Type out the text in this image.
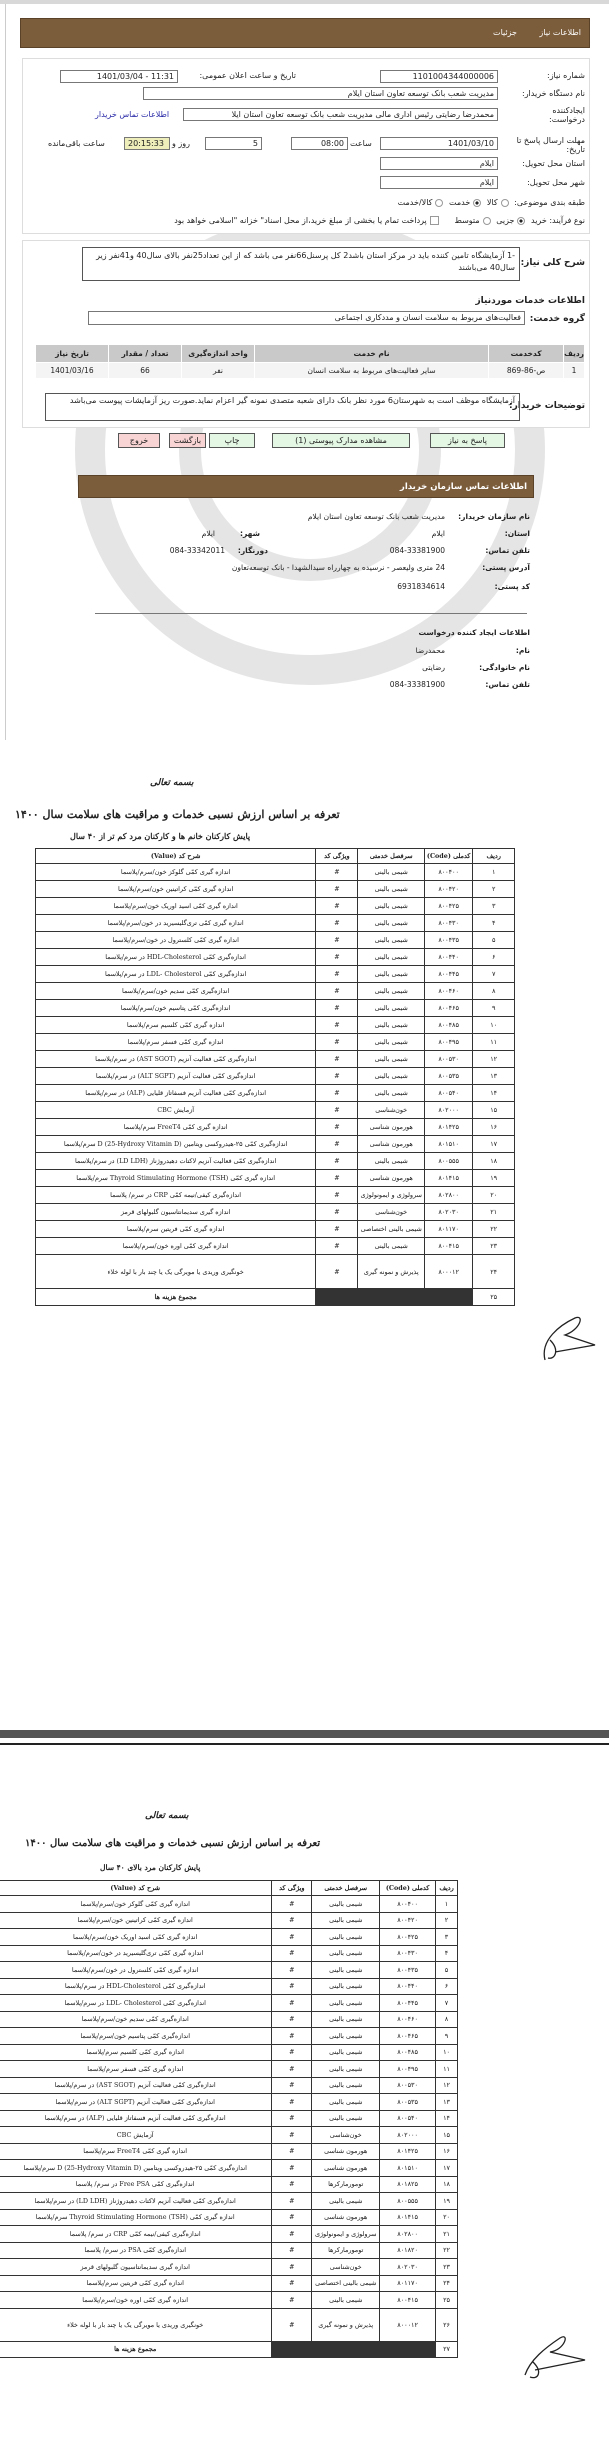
اطلاعات نیاز
جزئیات
شماره نیاز:
1101004344000006
تاریخ و ساعت اعلان عمومی:
1401/03/04 - 11:31
نام دستگاه خریدار:
مدیریت شعب بانک توسعه تعاون استان ایلام
ایجادکننده درخواست:
محمدرضا رضایتی رئیس اداری مالی مدیریت شعب بانک توسعه تعاون استان ایلا
اطلاعات تماس خریدار
مهلت ارسال پاسخ تا تاریخ:
1401/03/10
ساعت
08:00
5
روز و
20:15:33
ساعت باقی‌مانده
استان محل تحویل:
ایلام
شهر محل تحویل:
ایلام
طبقه بندی موضوعی: کالا خدمت کالا/خدمت
نوع فرآیند: خرید جزیی متوسط     پرداخت تمام یا بخشی از مبلغ خرید،از محل اسناد" خزانه "اسلامی خواهد بود
شرح کلی نیاز:
-1 آزمایشگاه تامین کننده باید در مرکز استان باشد2 کل پرسنل66نفر می باشد که از این تعداد25نفر بالای سال40 و41نفر زیر سال40 می‌باشند
اطلاعات خدمات موردنیاز
گروه خدمت:
فعالیت‌های مربوط به سلامت انسان و مددکاری اجتماعی
ردیف	کدخدمت	نام خدمت	واحد اندازه‌گیری	تعداد / مقدار	تاریخ نیاز
1	ص-86-869	سایر فعالیت‌های مربوط به سلامت انسان	نفر	66	1401/03/16
توضیحات خریدار:
آزمایشگاه موظف است به شهرستان6 مورد نظر بانک دارای شعبه متصدی نمونه گیر اعزام نماید.صورت ریز آزمایشات پیوست می‌باشد
پاسخ به نیاز
مشاهده مدارک پیوستی (1)
چاپ
بازگشت
خروج
اطلاعات تماس سازمان خریدار
نام سازمان خریدار:
مدیریت شعب بانک توسعه تعاون استان ایلام
استان:
ایلام
شهر:
ایلام
تلفن تماس:
084-33381900
دورنگار:
084-33342011
آدرس پستی:
24 متری ولیعصر - نرسیده به چهارراه سیدالشهدا - بانک توسعه‌تعاون
کد پستی:
6931834614
اطلاعات ایجاد کننده درخواست
نام:
محمدرضا
نام خانوادگی:
رضایتی
تلفن تماس:
084-33381900
بسمه تعالی
تعرفه بر اساس ارزش نسبی خدمات و مراقبت های سلامت سال ۱۴۰۰
پایش کارکنان خانم ها و کارکنان مرد کم تر از ۴۰ سال
ردیف	کدملی (Code)	سرفصل خدمتی	ویژگی کد	شرح کد (Value)
۱	۸۰۰۴۰۰	شیمی بالینی	#	اندازه گیری کمّی گلوکز خون/سرم/پلاسما
۲	۸۰۰۴۲۰	شیمی بالینی	#	اندازه گیری کمّی کراتینین خون/سرم/پلاسما
۳	۸۰۰۴۲۵	شیمی بالینی	#	اندازه گیری کمّی اسید اوریک خون/سرم/پلاسما
۴	۸۰۰۴۳۰	شیمی بالینی	#	اندازه گیری کمّی تری‌گلیسیرید در خون/سرم/پلاسما
۵	۸۰۰۴۳۵	شیمی بالینی	#	اندازه گیری کمّی کلسترول در خون/سرم/پلاسما
۶	۸۰۰۴۴۰	شیمی بالینی	#	اندازه‌گیری کمّی HDL-Cholesterol در سرم/پلاسما
۷	۸۰۰۴۴۵	شیمی بالینی	#	اندازه‌گیری کمّی LDL- Cholesterol در سرم/پلاسما
۸	۸۰۰۴۶۰	شیمی بالینی	#	اندازه‌گیری کمّی سدیم خون/سرم/پلاسما
۹	۸۰۰۴۶۵	شیمی بالینی	#	اندازه‌گیری کمّی پتاسیم خون/سرم/پلاسما
۱۰	۸۰۰۴۸۵	شیمی بالینی	#	اندازه گیری کمّی کلسیم سرم/پلاسما
۱۱	۸۰۰۴۹۵	شیمی بالینی	#	اندازه گیری کمّی فسفر سرم/پلاسما
۱۲	۸۰۰۵۳۰	شیمی بالینی	#	اندازه‌گیری کمّی فعالیت آنزیم (AST SGOT) در سرم/پلاسما
۱۳	۸۰۰۵۳۵	شیمی بالینی	#	اندازه‌گیری کمّی فعالیت آنزیم (ALT SGPT) در سرم/پلاسما
۱۴	۸۰۰۵۴۰	شیمی بالینی	#	اندازه‌گیری کمّی فعالیت آنزیم فسفاتاز قلیایی (ALP) در سرم/پلاسما
۱۵	۸۰۲۰۰۰	خون‌شناسی	#	آزمایش CBC
۱۶	۸۰۱۴۲۵	هورمون شناسی	#	اندازه گیری کمّی FreeT4 سرم/پلاسما
۱۷	۸۰۱۵۱۰	هورمون شناسی	#	اندازه‌گیری کمّی ۲۵-هیدروکسی ویتامین D (25-Hydroxy Vitamin D) سرم/پلاسما
۱۸	۸۰۰۵۵۵	شیمی بالینی	#	اندازه‌گیری کمّی فعالیت آنزیم لاکتات دهیدروژناز (LD LDH) در سرم/پلاسما
۱۹	۸۰۱۴۱۵	هورمون شناسی	#	اندازه گیری کمّی Thyroid Stimulating Hormone (TSH) سرم/پلاسما
۲۰	۸۰۲۸۰۰	سرولوژی و ایمونولوژی	#	اندازه‌گیری کیفی/نیمه کمّی CRP در سرم/ پلاسما
۲۱	۸۰۲۰۳۰	خون‌شناسی	#	اندازه گیری سدیمانتاسیون گلبولهای قرمز
۲۲	۸۰۱۱۷۰	شیمی بالینی اختصاصی	#	اندازه گیری کمّی فریتین سرم/پلاسما
۲۳	۸۰۰۴۱۵	شیمی بالینی	#	اندازه گیری کمّی اوره خون/سرم/پلاسما
۲۴	۸۰۰۰۱۲	پذیرش و نمونه گیری	#	خونگیری وریدی یا مویرگی یک یا چند بار با لوله خلاء
۲۵				مجموع هزینه ها
بسمه تعالی
تعرفه بر اساس ارزش نسبی خدمات و مراقبت های سلامت سال ۱۴۰۰
پایش کارکنان مرد بالای ۴۰ سال
ردیف	کدملی (Code)	سرفصل خدمتی	ویژگی کد	شرح کد (Value)
۱	۸۰۰۴۰۰	شیمی بالینی	#	اندازه گیری کمّی گلوکز خون/سرم/پلاسما
۲	۸۰۰۴۲۰	شیمی بالینی	#	اندازه گیری کمّی کراتینین خون/سرم/پلاسما
۳	۸۰۰۴۲۵	شیمی بالینی	#	اندازه گیری کمّی اسید اوریک خون/سرم/پلاسما
۴	۸۰۰۴۳۰	شیمی بالینی	#	اندازه گیری کمّی تری‌گلیسیرید در خون/سرم/پلاسما
۵	۸۰۰۴۳۵	شیمی بالینی	#	اندازه گیری کمّی کلسترول در خون/سرم/پلاسما
۶	۸۰۰۴۴۰	شیمی بالینی	#	اندازه‌گیری کمّی HDL-Cholesterol در سرم/پلاسما
۷	۸۰۰۴۴۵	شیمی بالینی	#	اندازه‌گیری کمّی LDL- Cholesterol در سرم/پلاسما
۸	۸۰۰۴۶۰	شیمی بالینی	#	اندازه‌گیری کمّی سدیم خون/سرم/پلاسما
۹	۸۰۰۴۶۵	شیمی بالینی	#	اندازه‌گیری کمّی پتاسیم خون/سرم/پلاسما
۱۰	۸۰۰۴۸۵	شیمی بالینی	#	اندازه گیری کمّی کلسیم سرم/پلاسما
۱۱	۸۰۰۴۹۵	شیمی بالینی	#	اندازه گیری کمّی فسفر سرم/پلاسما
۱۲	۸۰۰۵۳۰	شیمی بالینی	#	اندازه‌گیری کمّی فعالیت آنزیم (AST SGOT) در سرم/پلاسما
۱۳	۸۰۰۵۳۵	شیمی بالینی	#	اندازه‌گیری کمّی فعالیت آنزیم (ALT SGPT) در سرم/پلاسما
۱۴	۸۰۰۵۴۰	شیمی بالینی	#	اندازه‌گیری کمّی فعالیت آنزیم فسفاتاز قلیایی (ALP) در سرم/پلاسما
۱۵	۸۰۲۰۰۰	خون‌شناسی	#	آزمایش CBC
۱۶	۸۰۱۴۲۵	هورمون شناسی	#	اندازه گیری کمّی FreeT4 سرم/پلاسما
۱۷	۸۰۱۵۱۰	هورمون شناسی	#	اندازه‌گیری کمّی ۲۵-هیدروکسی ویتامین D (25-Hydroxy Vitamin D) سرم/پلاسما
۱۸	۸۰۱۸۲۵	تومورمارکرها	#	اندازه‌گیری کمّی Free PSA در سرم/ پلاسما
۱۹	۸۰۰۵۵۵	شیمی بالینی	#	اندازه‌گیری کمّی فعالیت آنزیم لاکتات دهیدروژناز (LD LDH) در سرم/پلاسما
۲۰	۸۰۱۴۱۵	هورمون شناسی	#	اندازه گیری کمّی Thyroid Stimulating Hormone (TSH) سرم/پلاسما
۲۱	۸۰۲۸۰۰	سرولوژی و ایمونولوژی	#	اندازه‌گیری کیفی/نیمه کمّی CRP در سرم/ پلاسما
۲۲	۸۰۱۸۲۰	تومورمارکرها	#	اندازه‌گیری کمّی PSA در سرم/ پلاسما
۲۳	۸۰۲۰۳۰	خون‌شناسی	#	اندازه گیری سدیمانتاسیون گلبولهای قرمز
۲۴	۸۰۱۱۷۰	شیمی بالینی اختصاصی	#	اندازه گیری کمّی فریتین سرم/پلاسما
۲۵	۸۰۰۴۱۵	شیمی بالینی	#	اندازه گیری کمّی اوره خون/سرم/پلاسما
۲۶	۸۰۰۰۱۲	پذیرش و نمونه گیری	#	خونگیری وریدی یا مویرگی یک یا چند بار با لوله خلاء
۲۷				مجموع هزینه ها
